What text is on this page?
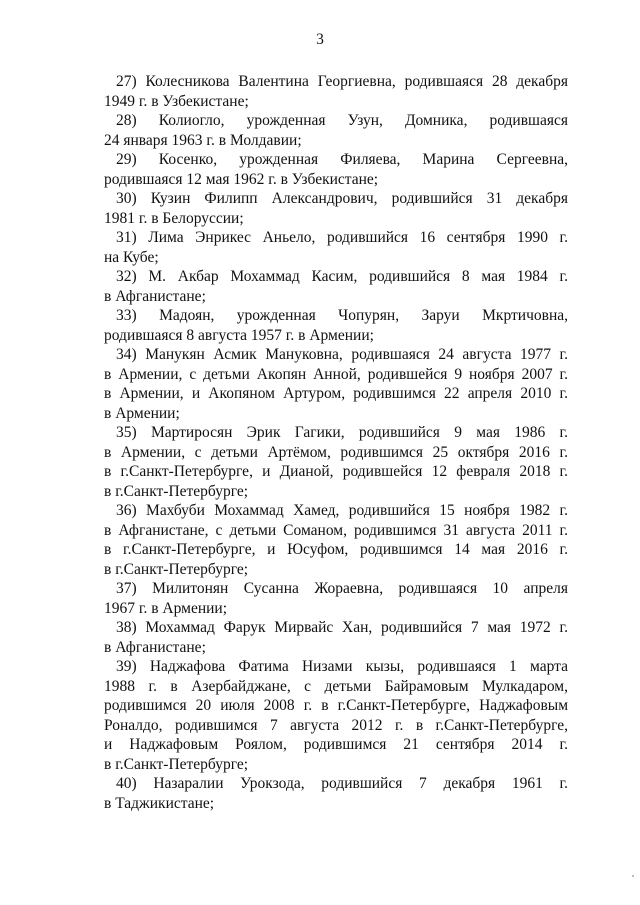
3

27) Колесникова Валентина Георгиевна, родившаяся 28 декабря
1949 г. в Узбекистане;

28) Колиогло, урожденная Узун, Домника, родившаяся
24 января 1963 г. в Молдавии;

29) Косенко, урожденная Филяева, Марина Сергеевна,
родившаяся 12 мая 1962 г. в Узбекистане;

30) Кузин Филипп Александрович, родившийся 31 декабря
1981 г. в Белоруссии;

31) Лима Энрикес Аньело, родившийся 16 сентября 1990 г.
на Кубе;

32) М. Акбар Мохаммад Касим, родившийся 8 мая 1984 г.
в Афганистане;

33) Мадоян, урожденная Чопурян, Заруи Мкртичовна,
родившаяся 8 августа 1957 г. в Армении;

34) Манукян Асмик Мануковна, родившаяся 24 августа 1977 г.
в Армении, с детьми Акопян Анной, родившейся 9 ноября 2007 г.
в Армении, и Акопяном Артуром, родившимся 22 апреля 2010 г.
в Армении;

35) Мартиросян Эрик Гагики, родившийся 9 мая 1986 г.
в Армении, с детьми Артёмом, родившимся 25 октября 2016 г.
в г.Санкт-Петербурге, и Дианой, родившейся 12 февраля 2018 г.
в г.Санкт-Петербурге;

36) Махбуби Мохаммад Хамед, родившийся 15 ноября 1982 г.
в Афганистане, с детьми Соманом, родившимся 31 августа 2011 г.
в г.Санкт-Петербурге, и Юсуфом, родившимся 14 мая 2016 г.
в г.Санкт-Петербурге;

37) Милитонян Сусанна Жораевна, родившаяся 10 апреля
1967 г. в Армении;

38) Мохаммад Фарук Мирвайс Хан, родившийся 7 мая 1972 г.
в Афганистане;

39) Наджафова Фатима Низами кызы, родившаяся 1 марта
1988 г. в Азербайджане, с детьми Байрамовым Мулкадаром,
родившимся 20 июля 2008 г. в г.Санкт-Петербурге, Наджафовым
Роналдо, родившимся 7 августа 2012 г. в г.Санкт-Петербурге,
и Наджафовым Роялом, родившимся 21 сентября 2014 г.
в г.Санкт-Петербурге;

40) Назаралии Урокзода, родившийся 7 декабря 1961 г.
в Таджикистане;
